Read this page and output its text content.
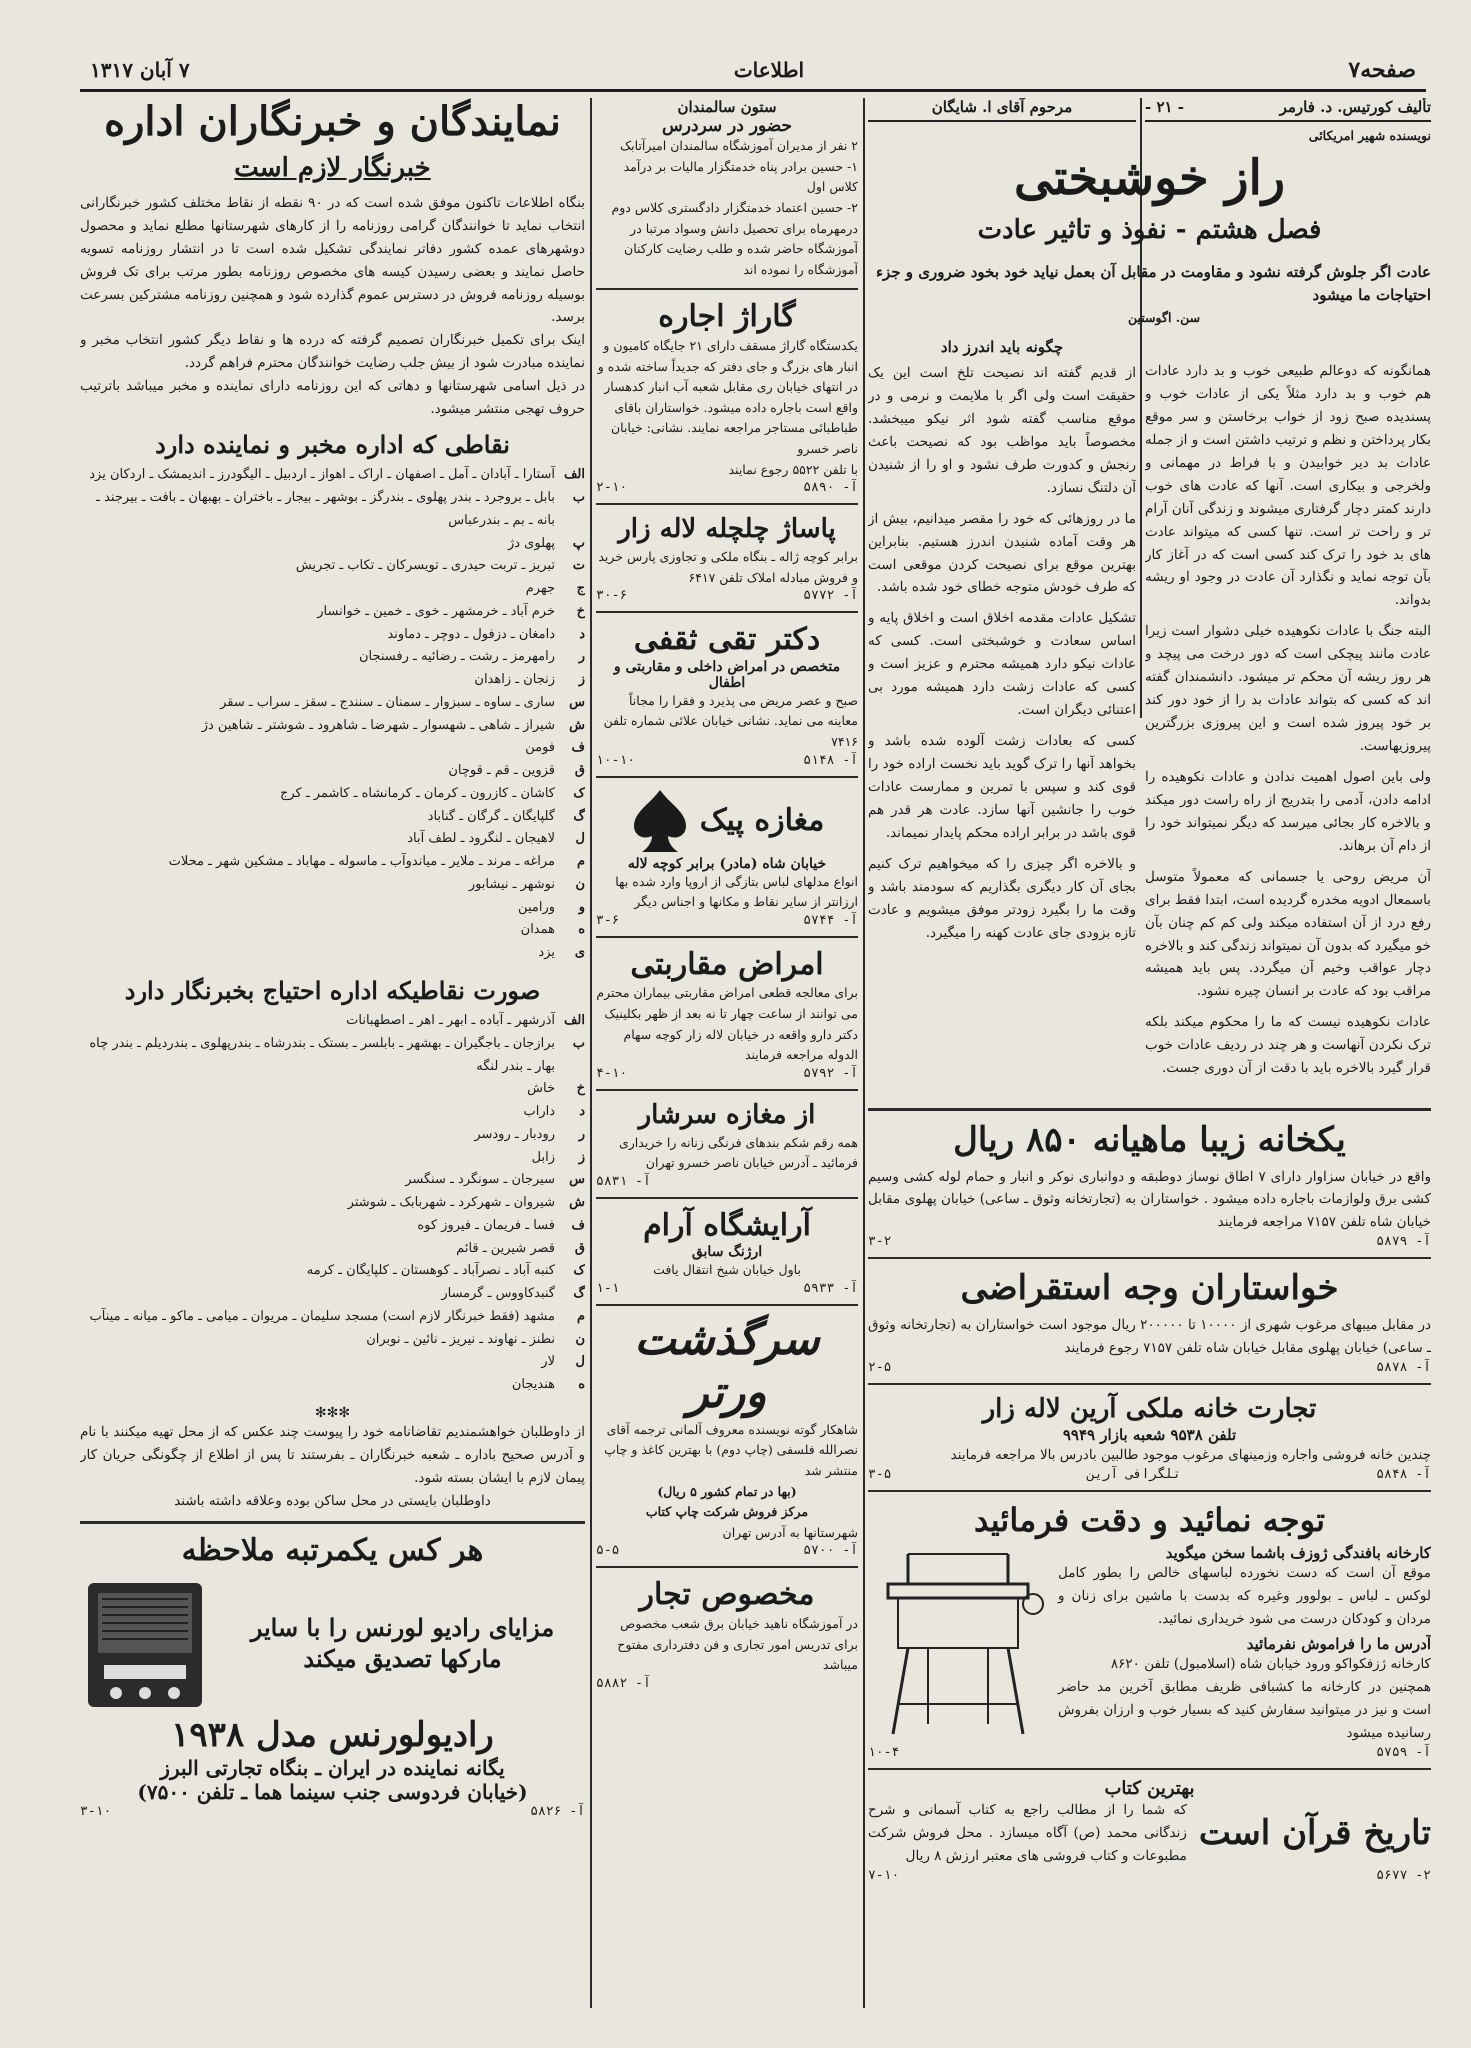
صفحه۷
اطلاعات
۷ آبان ۱۳۱۷
تألیف کورتیس. د. فارمر
- ۲۱ -
نویسنده شهیر امریکائی
مرحوم آقای ا. شایگان
راز خوشبختی
فصل هشتم - نفوذ و تاثیر عادت
عادت اگر جلوش گرفته نشود و مقاومت در مقابل آن بعمل نیاید خود بخود ضروری و جزء احتیاجات ما میشود
سن. اگوستین

همانگونه که دوعالم طبیعی خوب و بد دارد عادات هم خوب و بد دارد مثلاً یکی از عادات خوب و پسندیده صبح زود از خواب برخاستن و سر موقع بکار پرداختن و نظم و ترتیب داشتن است و از جمله عادات بد دیر خوابیدن و با فراط در مهمانی و ولخرجی و بیکاری است. آنها که عادت های خوب دارند کمتر دچار گرفتاری میشوند و زندگی آنان آرام تر و راحت تر است. تنها کسی که میتواند عادت های بد خود را ترک کند کسی است که در آغاز کار بآن توجه نماید و نگذارد آن عادت در وجود او ریشه بدواند.

البته جنگ با عادات نکوهیده خیلی دشوار است زیرا عادت مانند پیچکی است که دور درخت می پیچد و هر روز ریشه آن محکم تر میشود. دانشمندان گفته اند که کسی که بتواند عادات بد را از خود دور کند بر خود پیروز شده است و این پیروزی بزرگترین پیروزیهاست.

ولی باین اصول اهمیت ندادن و عادات نکوهیده را ادامه دادن، آدمی را بتدریج از راه راست دور میکند و بالاخره کار بجائی میرسد که دیگر نمیتواند خود را از دام آن برهاند.

آن مریض روحی یا جسمانی که معمولاً متوسل باسمعال ادویه مخدره گردیده است، ابتدا فقط برای رفع درد از آن استفاده میکند ولی کم کم چنان بآن خو میگیرد که بدون آن نمیتواند زندگی کند و بالاخره دچار عواقب وخیم آن میگردد. پس باید همیشه مراقب بود که عادت بر انسان چیره نشود.

عادات نکوهیده نیست که ما را محکوم میکند بلکه ترک نکردن آنهاست و هر چند در ردیف عادات خوب قرار گیرد بالاخره باید با دقت از آن دوری جست.

چگونه باید اندرز داد

از قدیم گفته اند نصیحت تلخ است این یک حقیقت است ولی اگر با ملایمت و نرمی و در موقع مناسب گفته شود اثر نیکو میبخشد. مخصوصاً باید مواظب بود که نصیحت باعث رنجش و کدورت طرف نشود و او را از شنیدن آن دلتنگ نسازد.

ما در روزهائی که خود را مقصر میدانیم، بیش از هر وقت آماده شنیدن اندرز هستیم. بنابراین بهترین موقع برای نصیحت کردن موقعی است که طرف خودش متوجه خطای خود شده باشد.

تشکیل عادات مقدمه اخلاق است و اخلاق پایه و اساس سعادت و خوشبختی است. کسی که عادات نیکو دارد همیشه محترم و عزیز است و کسی که عادات زشت دارد همیشه مورد بی اعتنائی دیگران است.

کسی که بعادات زشت آلوده شده باشد و بخواهد آنها را ترک گوید باید نخست اراده خود را قوی کند و سپس با تمرین و ممارست عادات خوب را جانشین آنها سازد. عادت هر قدر هم قوی باشد در برابر اراده محکم پایدار نمیماند.

و بالاخره اگر چیزی را که میخواهیم ترک کنیم بجای آن کار دیگری بگذاریم که سودمند باشد و وقت ما را بگیرد زودتر موفق میشویم و عادت تازه بزودی جای عادت کهنه را میگیرد.

یکخانه زیبا ماهیانه ۸۵۰ ریال

واقع در خیابان سزاوار دارای ۷ اطاق نوساز دوطبقه و دوانباری نوکر و انبار و حمام لوله کشی وسیم کشی برق ولوازمات باجاره داده میشود . خواستاران به (تجارتخانه وثوق ـ ساعی) خیابان پهلوی مقابل خیابان شاه تلفن ۷۱۵۷ مراجعه فرمایند

آ- ۵۸۷۹
۳-۲
خواستاران وجه استقراضی

در مقابل میبهای مرغوب شهری از ۱۰۰۰۰ تا ۲۰۰۰۰۰ ریال موجود است خواستاران به (تجارتخانه وثوق ـ ساعی) خیابان پهلوی مقابل خیابان شاه تلفن ۷۱۵۷ رجوع فرمایند

آ- ۵۸۷۸
۲-۵
تجارت خانه ملکی آرین لاله زار
تلفن ۹۵۳۸ شعبه بازار ۹۹۴۹

چندین خانه فروشی واجاره وزمینهای مرغوب موجود طالبین بادرس بالا مراجعه فرمایند

آ- ۵۸۴۸
تلگرافی آرین
۳-۵
توجه نمائید و دقت فرمائید
کارخانه بافندگی ژوزف باشما سخن میگوید

موقع آن است که دست نخورده لباسهای خالص را بطور کامل لوکس ـ لباس ـ بولوور وغیره که بدست با ماشین برای زنان و مردان و کودکان درست می شود خریداری نمائید.

آدرس ما را فراموش نفرمائید

کارخانه ژزفکواکو ورود خیابان شاه (اسلامبول) تلفن ۸۶۲۰

همچنین در کارخانه ما کشبافی ظریف مطابق آخرین مد حاضر است و نیز در میتوانید سفارش کنید که بسیار خوب و ارزان بفروش رسانیده میشود

آ- ۵۷۵۹
۱۰-۴
بهترین کتاب
تاریخ قرآن است

که شما را از مطالب راجع به کتاب آسمانی و شرح زندگانی محمد (ص) آگاه میسازد . محل فروش شرکت مطبوعات و کتاب فروشی های معتبر ارزش ۸ ریال

۲- ۵۶۷۷
۷-۱۰
ستون سالمندان
حضور در سردرس

۲ نفر از مدیران آموزشگاه سالمندان امیرآتابک

۱- حسین برادر پناه خدمتگزار مالیات بر درآمد کلاس اول

۲- حسین اعتماد خدمتگزار دادگستری کلاس دوم

درمهرماه برای تحصیل دانش وسواد مرتبا در آموزشگاه حاضر شده و طلب رضایت کارکنان آموزشگاه را نموده اند

گاراژ اجاره

یکدستگاه گاراژ مسقف دارای ۲۱ جایگاه کامیون و انبار های بزرگ و جای دفتر که جدیداً ساخته شده و در انتهای خیابان ری مقابل شعبه آب انبار کدهسار واقع است باجاره داده میشود. خواستاران باقای طباطبائی مستاجر مراجعه نمایند. نشانی: خیابان ناصر خسرو

با تلفن ۵۵۲۲ رجوع نمایند

آ- ۵۸۹۰
۲-۱۰
پاساژ چلچله لاله زار

برابر کوچه ژاله ـ بنگاه ملکی و تجاوزی پارس خرید و فروش مبادله املاک تلفن ۶۴۱۷

آ- ۵۷۷۲
۳۰-۶
دکتر تقی ثقفی
متخصص در امراض داخلی و مقاربتی و اطفال

صبح و عصر مریض می پذیرد و فقرا را مجاناً معاینه می نماید. نشانی خیابان علائی شماره تلفن ۷۴۱۶

آ- ۵۱۴۸
۱۰-۱۰
مغازه پیک
خیابان شاه (مادر) برابر کوچه لاله

انواع مدلهای لباس بتازگی از اروپا وارد شده بها ارزانتر از سایر نقاط و مکانها و اجناس دیگر

آ- ۵۷۴۴
۳-۶
امراض مقاربتی

برای معالجه قطعی امراض مقاربتی بیماران محترم می توانند از ساعت چهار تا نه بعد از ظهر بکلینیک دکتر دارو واقعه در خیابان لاله زار کوچه سهام الدوله مراجعه فرمایند

آ- ۵۷۹۲
۴-۱۰
از مغازه سرشار

همه رقم شکم بندهای فرنگی زنانه را خریداری فرمائید ـ آدرس خیابان ناصر خسرو تهران

آ- ۵۸۳۱
آرایشگاه آرام
ارژنگ سابق

باول خیابان شیخ انتقال یافت

آ- ۵۹۳۳
۱-۱
سرگذشت ورتر

شاهکار گوته نویسنده معروف آلمانی ترجمه آقای نصرالله فلسفی (چاپ دوم) با بهترین کاغذ و چاپ منتشر شد

(بها در تمام کشور ۵ ریال)

مرکز فروش شرکت چاپ کتاب

شهرستانها به آدرس تهران

آ- ۵۷۰۰
۵-۵
مخصوص تجار

در آموزشگاه ناهید خیابان برق شعب مخصوص برای تدریس امور تجاری و فن دفترداری مفتوح میباشد

آ- ۵۸۸۲
نمایندگان و خبرنگاران اداره
خبرنگار لازم است

بنگاه اطلاعات تاکنون موفق شده است که در ۹۰ نقطه از نقاط مختلف کشور خبرنگارانی انتخاب نماید تا خوانندگان گرامی روزنامه را از کارهای شهرستانها مطلع نماید و محصول دوشهرهای عمده کشور دفاتر نمایندگی تشکیل شده است تا در انتشار روزنامه تسویه حاصل نمایند و بعضی رسیدن کیسه های مخصوص روزنامه بطور مرتب برای تک فروش بوسیله روزنامه فروش در دسترس عموم گذارده شود و همچنین روزنامه مشترکین بسرعت برسد.

اینک برای تکمیل خبرنگاران تصمیم گرفته که درده ها و نقاط دیگر کشور انتخاب مخبر و نماینده مبادرت شود از بیش جلب رضایت خوانندگان محترم فراهم گردد.

در ذیل اسامی شهرستانها و دهاتی که این روزنامه دارای نماینده و مخبر میباشد باترتیب حروف تهجی منتشر میشود.

نقاطی که اداره مخبر و نماینده دارد
الف
آستارا ـ آبادان ـ آمل ـ اصفهان ـ اراک ـ اهواز ـ اردبیل ـ الیگودرز ـ اندیمشک ـ اردکان یزد
ب
بابل ـ بروجرد ـ بندر پهلوی ـ بندرگز ـ بوشهر ـ بیجار ـ باختران ـ بهبهان ـ بافت ـ بیرجند ـ بانه ـ بم ـ بندرعباس
پ
پهلوی دژ
ت
تبریز ـ تربت حیدری ـ تویسرکان ـ تکاب ـ تجریش
ج
جهرم
خ
خرم آباد ـ خرمشهر ـ خوی ـ خمین ـ خوانسار
د
دامغان ـ دزفول ـ دوچر ـ دماوند
ر
رامهرمز ـ رشت ـ رضائیه ـ رفسنجان
ز
زنجان ـ زاهدان
س
ساری ـ ساوه ـ سبزوار ـ سمنان ـ سنندج ـ سقز ـ سراب ـ سقر
ش
شیراز ـ شاهی ـ شهسوار ـ شهرضا ـ شاهرود ـ شوشتر ـ شاهین دژ
ف
فومن
ق
قزوین ـ قم ـ قوچان
ک
کاشان ـ کازرون ـ کرمان ـ کرمانشاه ـ کاشمر ـ کرج
گ
گلپایگان ـ گرگان ـ گناباد
ل
لاهیجان ـ لنگرود ـ لطف آباد
م
مراغه ـ مرند ـ ملایر ـ میاندوآب ـ ماسوله ـ مهاباد ـ مشکین شهر ـ محلات
ن
نوشهر ـ نیشابور
و
ورامین
ه
همدان
ی
یزد
صورت نقاطیکه اداره احتیاج بخبرنگار دارد
الف
آذرشهر ـ آباده ـ ابهر ـ اهر ـ اصطهبانات
ب
برازجان ـ باجگیران ـ بهشهر ـ بابلسر ـ بستک ـ بندرشاه ـ بندرپهلوی ـ بندردیلم ـ بندر چاه بهار ـ بندر لنگه
خ
خاش
د
داراب
ر
رودبار ـ رودسر
ز
زابل
س
سیرجان ـ سونگرد ـ سنگسر
ش
شیروان ـ شهرکرد ـ شهربابک ـ شوشتر
ف
فسا ـ فریمان ـ فیروز کوه
ق
قصر شیرین ـ قائم
ک
کنبه آباد ـ نصرآباد ـ کوهستان ـ کلپایگان ـ کرمه
گ
گنبدکاووس ـ گرمسار
م
مشهد (فقط خبرنگار لازم است) مسجد سلیمان ـ مریوان ـ میامی ـ ماکو ـ میانه ـ مینآب
ن
نطنز ـ نهاوند ـ نیریز ـ نائین ـ نوبران
ل
لار
ه
هندیجان
✻✻✻

از داوطلبان خواهشمندیم تقاضانامه خود را پیوست چند عکس که از محل تهیه میکنند با نام و آدرس صحیح باداره ـ شعبه خبرنگاران ـ بفرستند تا پس از اطلاع از چگونگی جریان کار پیمان لازم با ایشان بسته شود.

داوطلبان بایستی در محل ساکن بوده وعلاقه داشته باشند

هر کس یکمرتبه ملاحظه
مزایای رادیو لورنس را با سایر
مارکها تصدیق میکند
رادیولورنس مدل ۱۹۳۸
یگانه نماینده در ایران ـ بنگاه تجارتی البرز
(خیابان فردوسی جنب سینما هما ـ تلفن ۷۵۰۰)
آ- ۵۸۲۶
۳-۱۰
